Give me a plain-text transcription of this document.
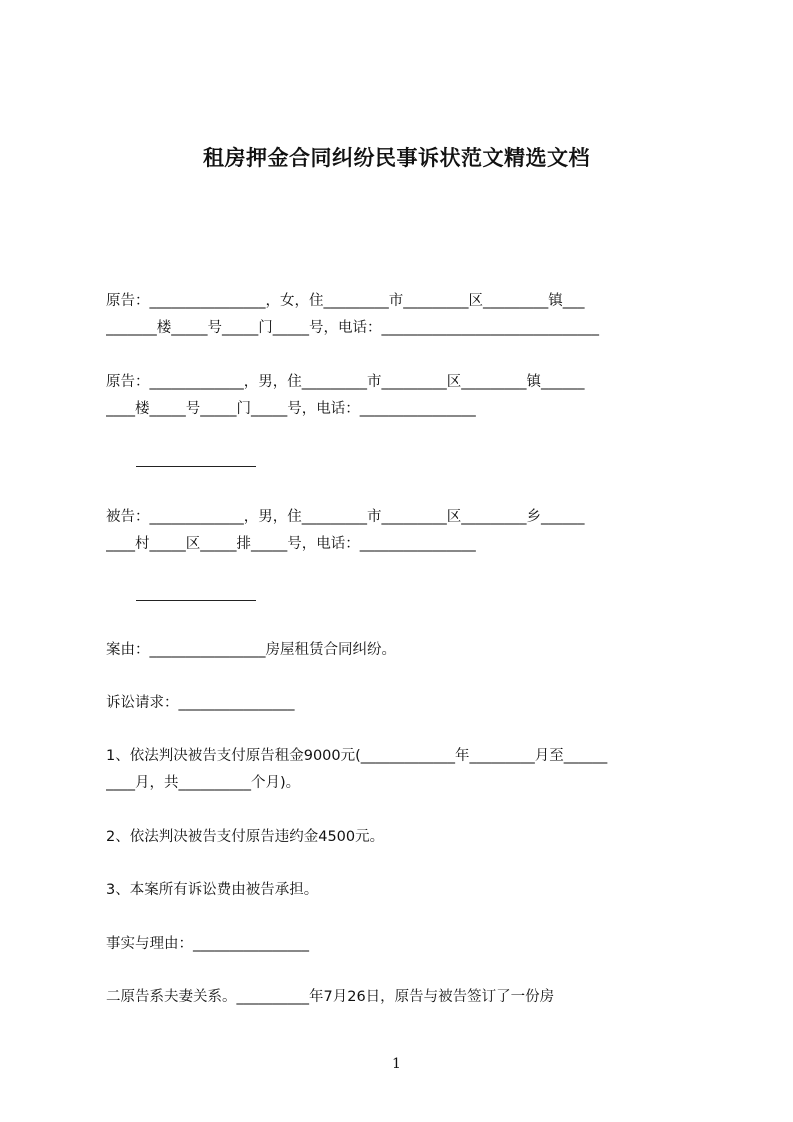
租房押金合同纠纷民事诉状范文精选文档
原告：________________，女，住_________市_________区_________镇___
_______楼_____号_____门_____号，电话：______________________________
原告：_____________，男，住_________市_________区_________镇______
____楼_____号_____门_____号，电话：________________
被告：_____________，男，住_________市_________区_________乡______
____村_____区_____排_____号，电话：________________
案由：________________房屋租赁合同纠纷。
诉讼请求：________________
1、依法判决被告支付原告租金9000元(_____________年_________月至______
____月，共__________个月)。
2、依法判决被告支付原告违约金4500元。
3、本案所有诉讼费由被告承担。
事实与理由：________________
二原告系夫妻关系。__________年7月26日，原告与被告签订了一份房
1
